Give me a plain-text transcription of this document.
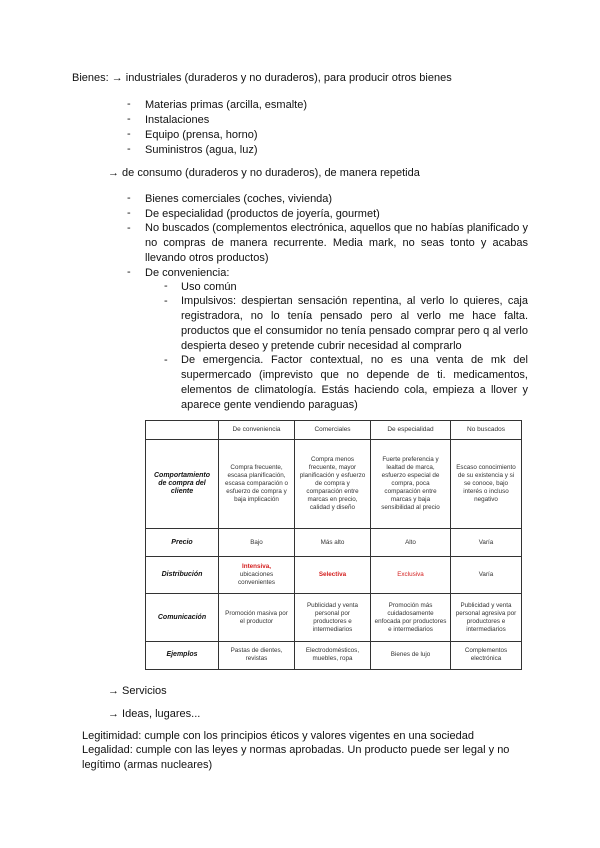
Bienes: → industriales (duraderos y no duraderos), para producir otros bienes
-	Materias primas (arcilla, esmalte)
-	Instalaciones
-	Equipo (prensa, horno)
-	Suministros (agua, luz)
→ de consumo (duraderos y no duraderos), de manera repetida
-	Bienes comerciales (coches, vivienda)
-	De especialidad (productos de joyería, gourmet)
-	No buscados (complementos electrónica, aquellos que no habías planificado y no compras de manera recurrente. Media mark, no seas tonto y acabas llevando otros productos)
-	De conveniencia:
-	Uso común
-	Impulsivos: despiertan sensación repentina, al verlo lo quieres, caja registradora, no lo tenía pensado pero al verlo me hace falta. productos que el consumidor no tenía pensado comprar pero q al verlo despierta deseo y pretende cubrir necesidad al comprarlo
-	De emergencia. Factor contextual, no es una venta de mk del supermercado (imprevisto que no depende de ti. medicamentos, elementos de climatología. Estás haciendo cola, empieza a llover y aparece gente vendiendo paraguas)
	De conveniencia	Comerciales	De especialidad	No buscados
Comportamiento de compra del cliente	Compra frecuente, escasa planificación, escasa comparación o esfuerzo de compra y baja implicación	Compra menos frecuente, mayor planificación y esfuerzo de compra y comparación entre marcas en precio, calidad y diseño	Fuerte preferencia y lealtad de marca, esfuerzo especial de compra, poca comparación entre marcas y baja sensibilidad al precio	Escaso conocimiento de su existencia y si se conoce, bajo interés o incluso negativo
Precio	Bajo	Más alto	Alto	Varía
Distribución	Intensiva,
ubicaciones convenientes	Selectiva	Exclusiva	Varía
Comunicación	Promoción masiva por el productor	Publicidad y venta personal por productores e intermediarios	Promoción más cuidadosamente enfocada por productores e intermediarios	Publicidad y venta personal agresiva por productores e intermediarios
Ejemplos	Pastas de dientes, revistas	Electrodomésticos, muebles, ropa	Bienes de lujo	Complementos electrónica
→ Servicios
→ Ideas, lugares...
Legitimidad: cumple con los principios éticos y valores vigentes en una sociedad
Legalidad: cumple con las leyes y normas aprobadas. Un producto puede ser legal y no legítimo (armas nucleares)
